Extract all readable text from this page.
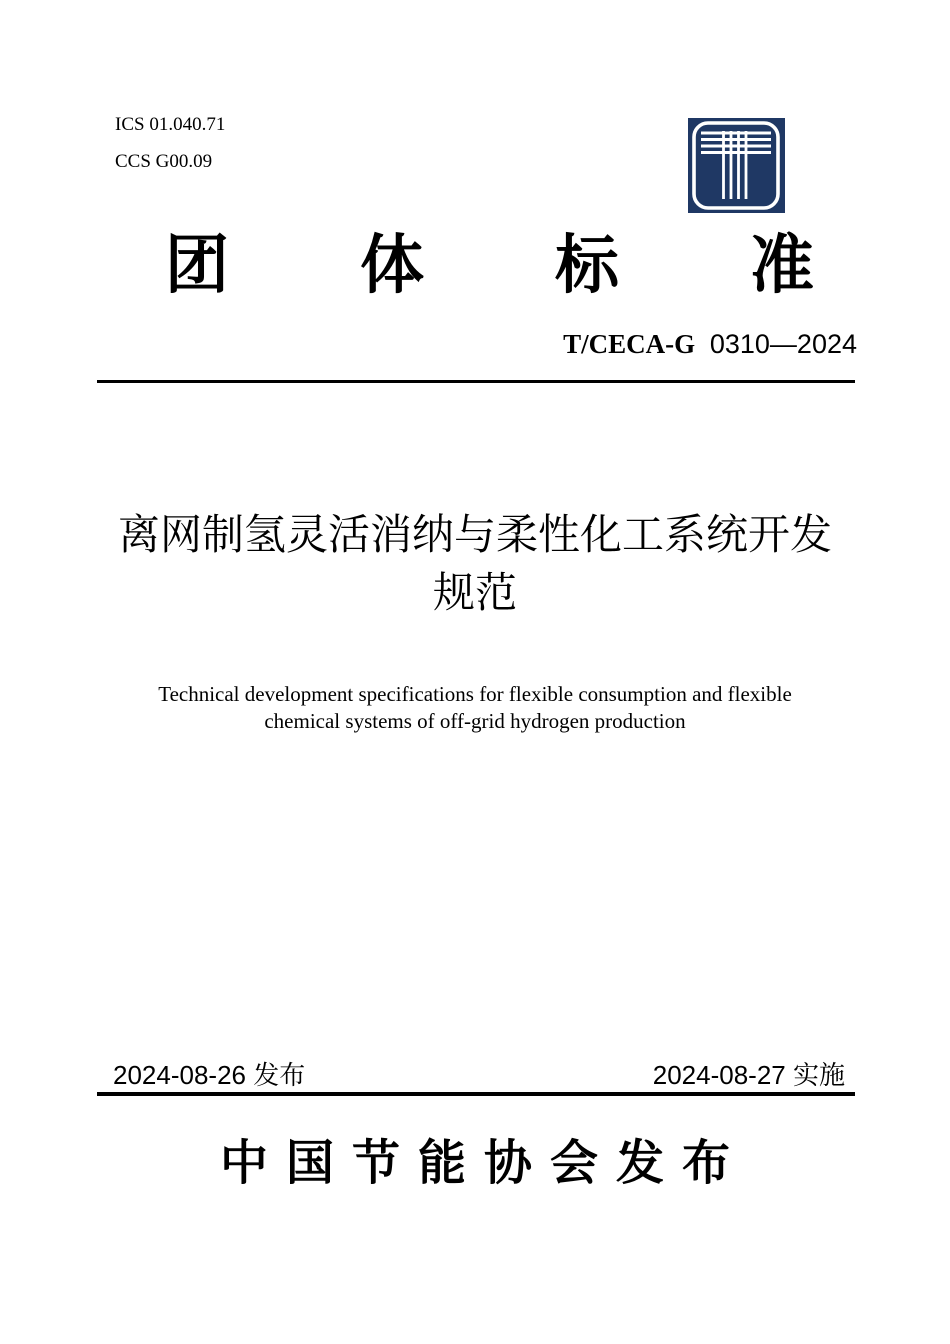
ICS 01.040.71
CCS G00.09
团体标准
T/CECA-G 0310—2024
离网制氢灵活消纳与柔性化工系统开发
规范
Technical development specifications for flexible consumption and flexible
chemical systems of off-grid hydrogen production
2024-08-26 发布	2024-08-27 实施
中国节能协会发布
